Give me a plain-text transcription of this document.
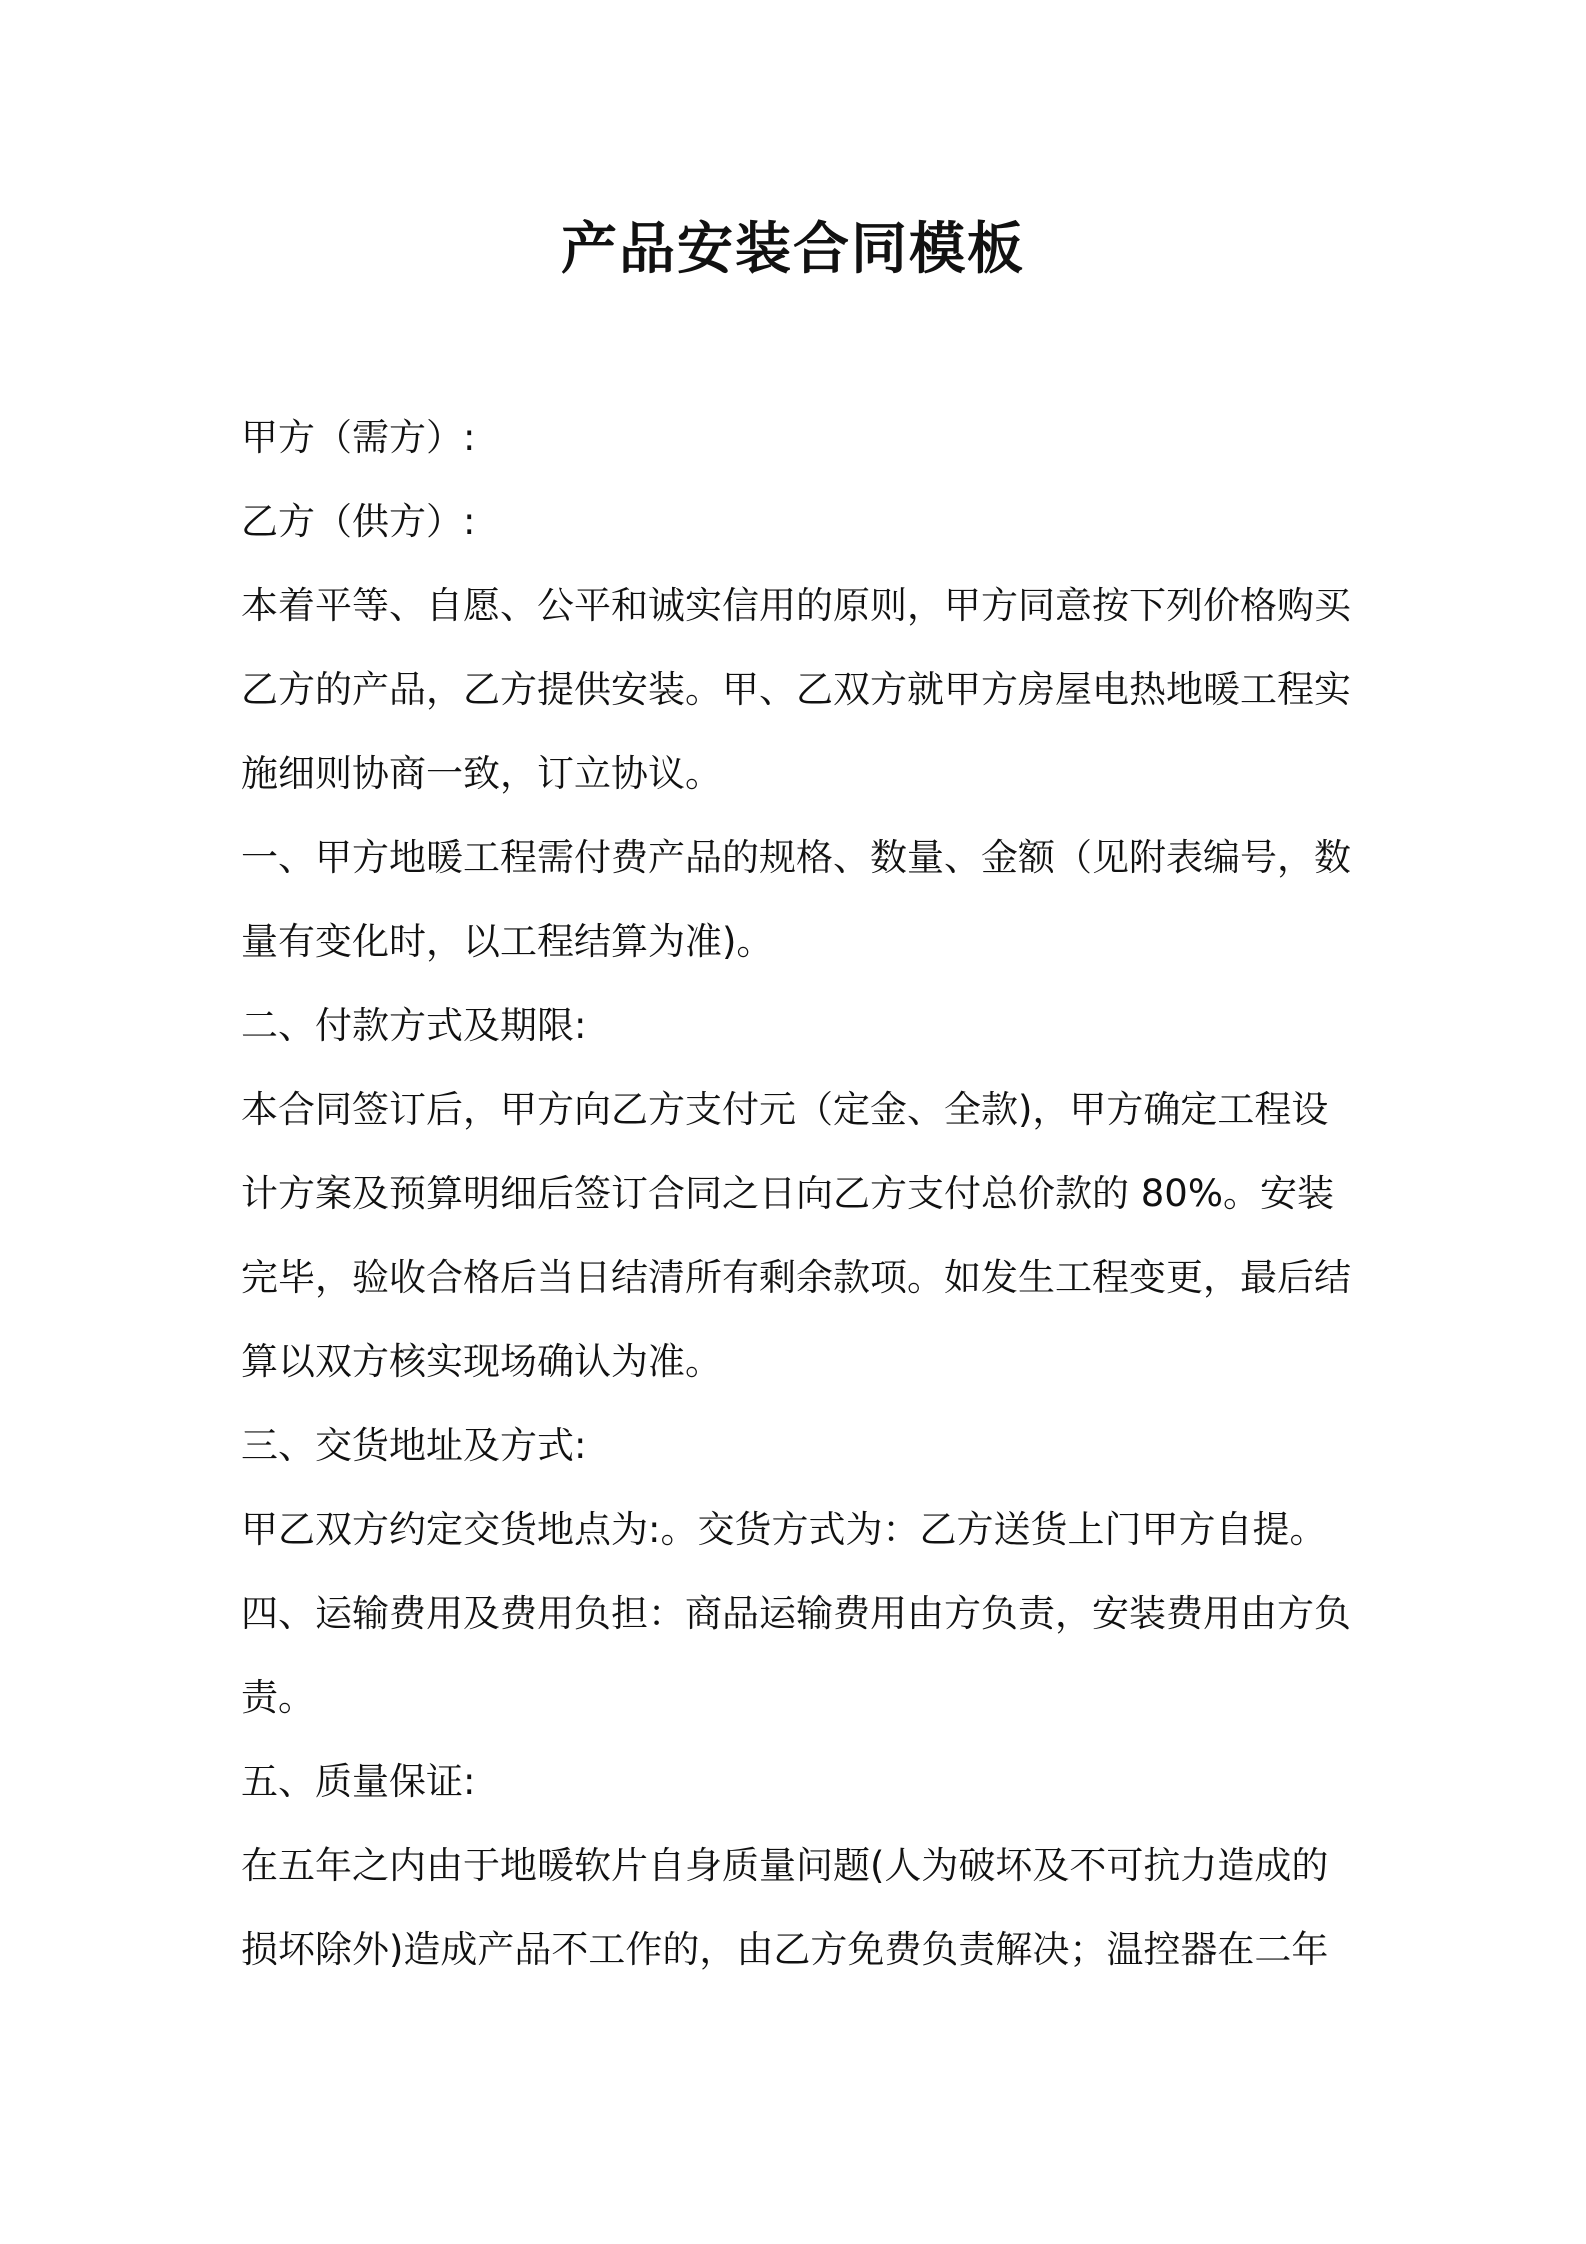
产品安装合同模板

甲方（需方）:

乙方（供方）:

本着平等、自愿、公平和诚实信用的原则，甲方同意按下列价格购买

乙方的产品，乙方提供安装。甲、乙双方就甲方房屋电热地暖工程实

施细则协商一致，订立协议。

一、甲方地暖工程需付费产品的规格、数量、金额（见附表编号，数

量有变化时，以工程结算为准)。

二、付款方式及期限:

本合同签订后，甲方向乙方支付元（定金、全款)，甲方确定工程设

计方案及预算明细后签订合同之日向乙方支付总价款的 80%。安装

完毕，验收合格后当日结清所有剩余款项。如发生工程变更，最后结

算以双方核实现场确认为准。

三、交货地址及方式:

甲乙双方约定交货地点为:。交货方式为：乙方送货上门甲方自提。

四、运输费用及费用负担：商品运输费用由方负责，安装费用由方负

责。

五、质量保证:

在五年之内由于地暖软片自身质量问题(人为破坏及不可抗力造成的

损坏除外)造成产品不工作的，由乙方免费负责解决；温控器在二年
